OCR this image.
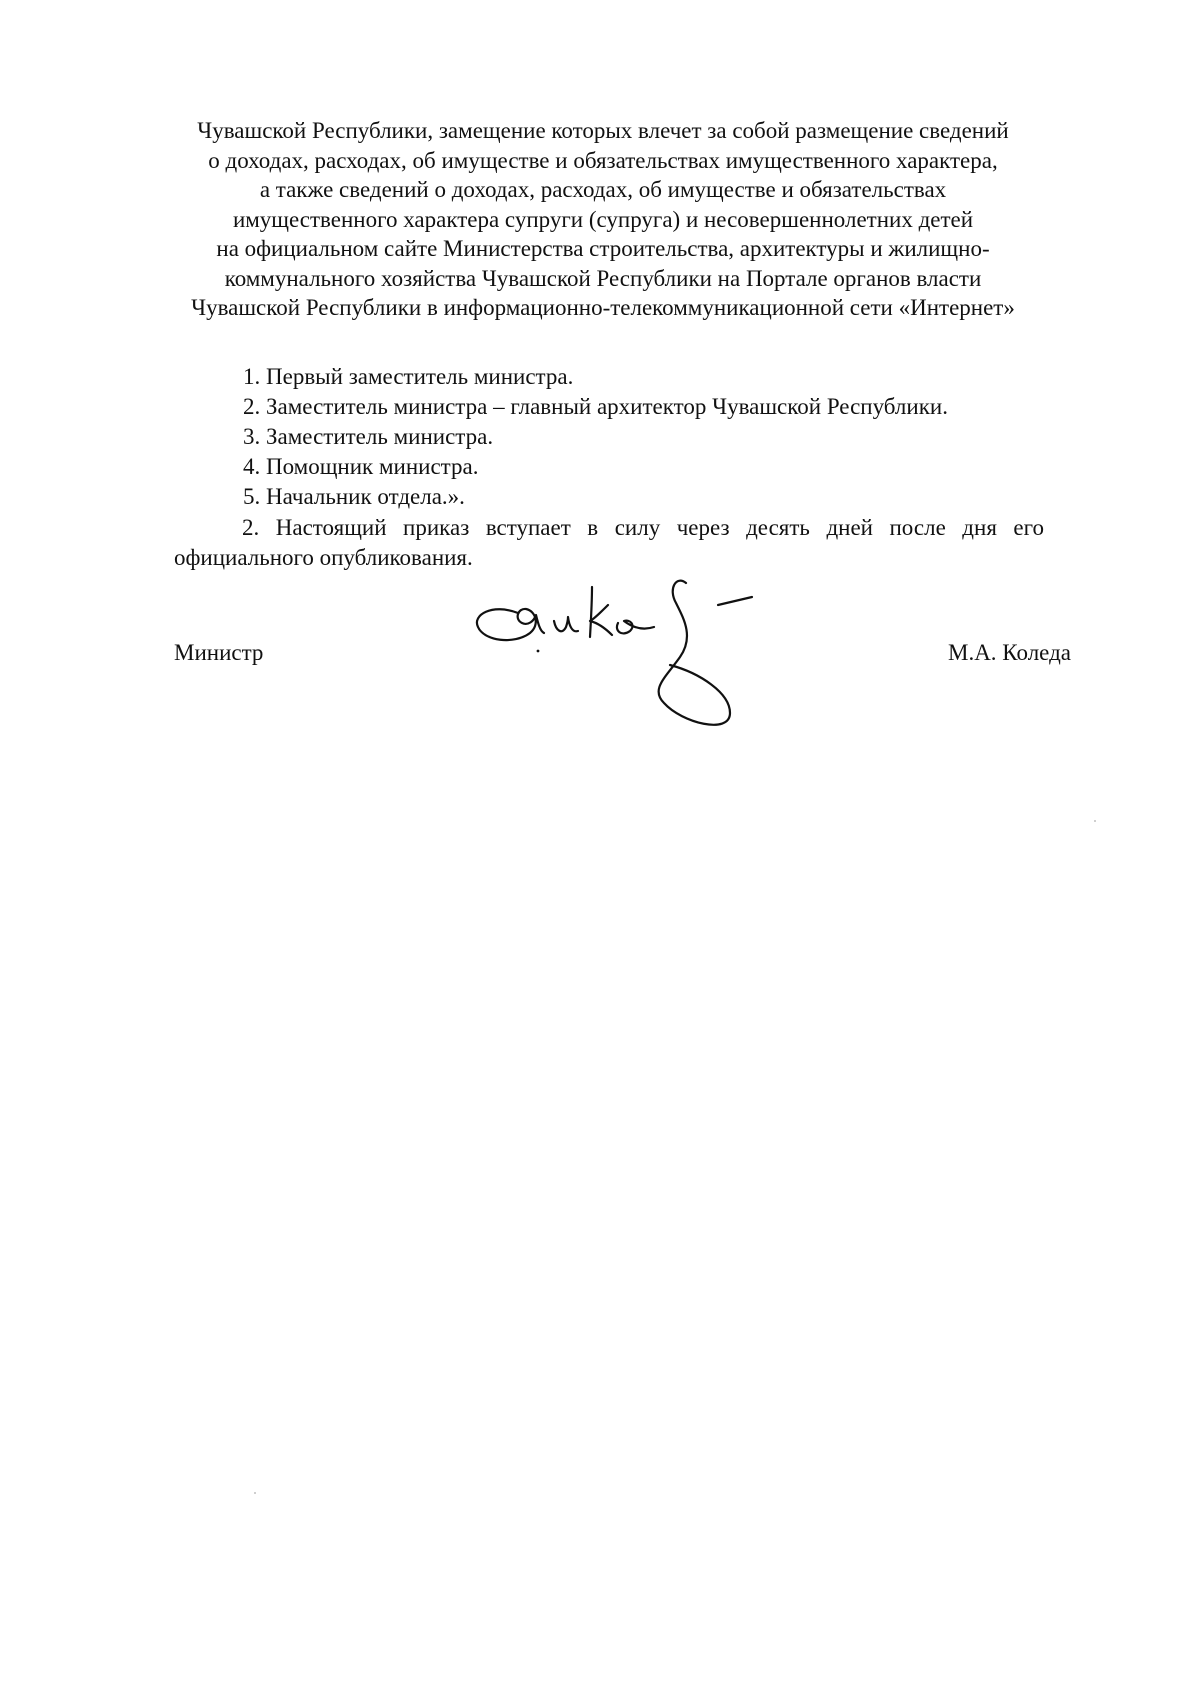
Чувашской Республики, замещение которых влечет за собой размещение сведений
о доходах, расходах, об имуществе и обязательствах имущественного характера,
а также сведений о доходах, расходах, об имуществе и обязательствах
имущественного характера супруги (супруга) и несовершеннолетних детей
на официальном сайте Министерства строительства, архитектуры и жилищно-
коммунального хозяйства Чувашской Республики на Портале органов власти
Чувашской Республики в информационно-телекоммуникационной сети «Интернет»
1. Первый заместитель министра.
2. Заместитель министра – главный архитектор Чувашской Республики.
3. Заместитель министра.
4. Помощник министра.
5. Начальник отдела.».
2. Настоящий приказ вступает в силу через десять дней после дня его официального опубликования.
Министр	М.А. Коледа
